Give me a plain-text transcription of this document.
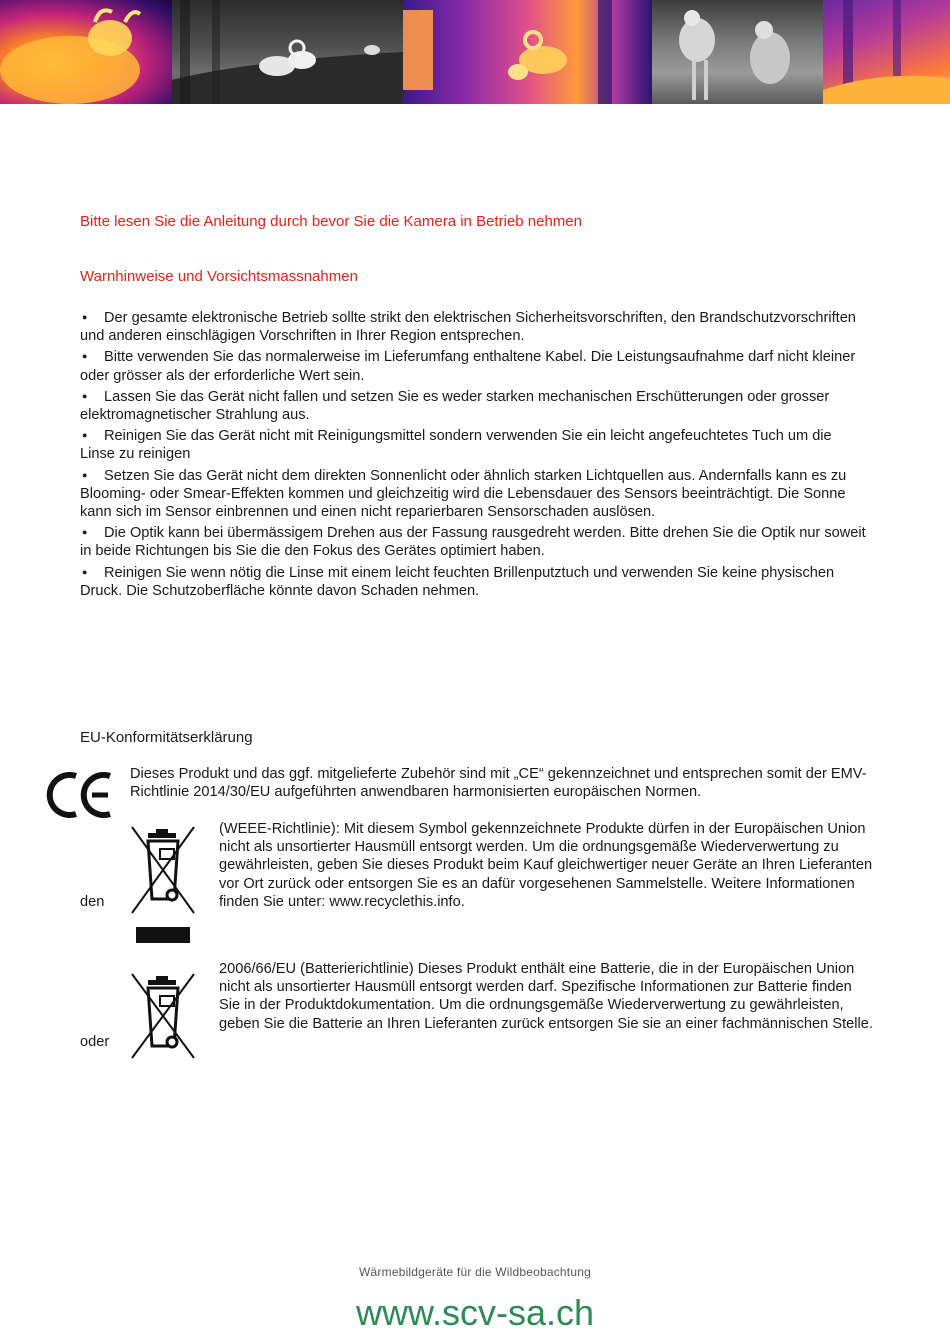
Bitte lesen Sie die Anleitung durch bevor Sie die Kamera in Betrieb nehmen

Warnhinweise und Vorsichtsmassnahmen
●Der gesamte elektronische Betrieb sollte strikt den elektrischen Sicherheitsvorschriften, den Brandschutzvorschriften und anderen einschlägigen Vorschriften in Ihrer Region entsprechen.
●Bitte verwenden Sie das normalerweise im Lieferumfang enthaltene Kabel. Die Leistungsaufnahme darf nicht kleiner oder grösser als der erforderliche Wert sein.
●Lassen Sie das Gerät nicht fallen und setzen Sie es weder starken mechanischen Erschütterungen oder grosser elektromagnetischer Strahlung aus.
●Reinigen Sie das Gerät nicht mit Reinigungsmittel sondern verwenden Sie ein leicht angefeuchtetes Tuch um die Linse zu reinigen
●Setzen Sie das Gerät nicht dem direkten Sonnenlicht oder ähnlich starken Lichtquellen aus. Andernfalls kann es zu Blooming- oder Smear-Effekten kommen und gleichzeitig wird die Lebensdauer des Sensors beeinträchtigt. Die Sonne kann sich im Sensor einbrennen und einen nicht reparierbaren Sensorschaden auslösen.
●Die Optik kann bei übermässigem Drehen aus der Fassung rausgedreht werden. Bitte drehen Sie die Optik nur soweit in beide Richtungen bis Sie die den Fokus des Gerätes optimiert haben.
●Reinigen Sie wenn nötig die Linse mit einem leicht feuchten Brillenputztuch und verwenden Sie keine physischen Druck. Die Schutzoberfläche könnte davon Schaden nehmen.
EU-Konformitätserklärung

Dieses Produkt und das ggf. mitgelieferte Zubehör sind mit „CE“ gekennzeichnet und entsprechen somit der EMV-Richtlinie 2014/30/EU aufgeführten anwendbaren harmonisierten europäischen Normen.

den

(WEEE-Richtlinie): Mit diesem Symbol gekennzeichnete Produkte dürfen in der Europäischen Union nicht als unsortierter Hausmüll entsorgt werden. Um die ordnungsgemäße Wiederverwertung zu gewährleisten, geben Sie dieses Produkt beim Kauf gleichwertiger neuer Geräte an Ihren Lieferanten vor Ort zurück oder entsorgen Sie es an dafür vorgesehenen Sammelstelle. Weitere Informationen finden Sie unter: www.recyclethis.info.

oder

2006/66/EU (Batterierichtlinie) Dieses Produkt enthält eine Batterie, die in der Europäischen Union nicht als unsortierter Hausmüll entsorgt werden darf. Spezifische Informationen zur Batterie finden Sie in der Produktdokumentation. Um die ordnungsgemäße Wiederverwertung zu gewährleisten, geben Sie die Batterie an Ihren Lieferanten zurück entsorgen Sie sie an einer fachmännischen Stelle.

Wärmebildgeräte für die Wildbeobachtung

www.scv-sa.ch
